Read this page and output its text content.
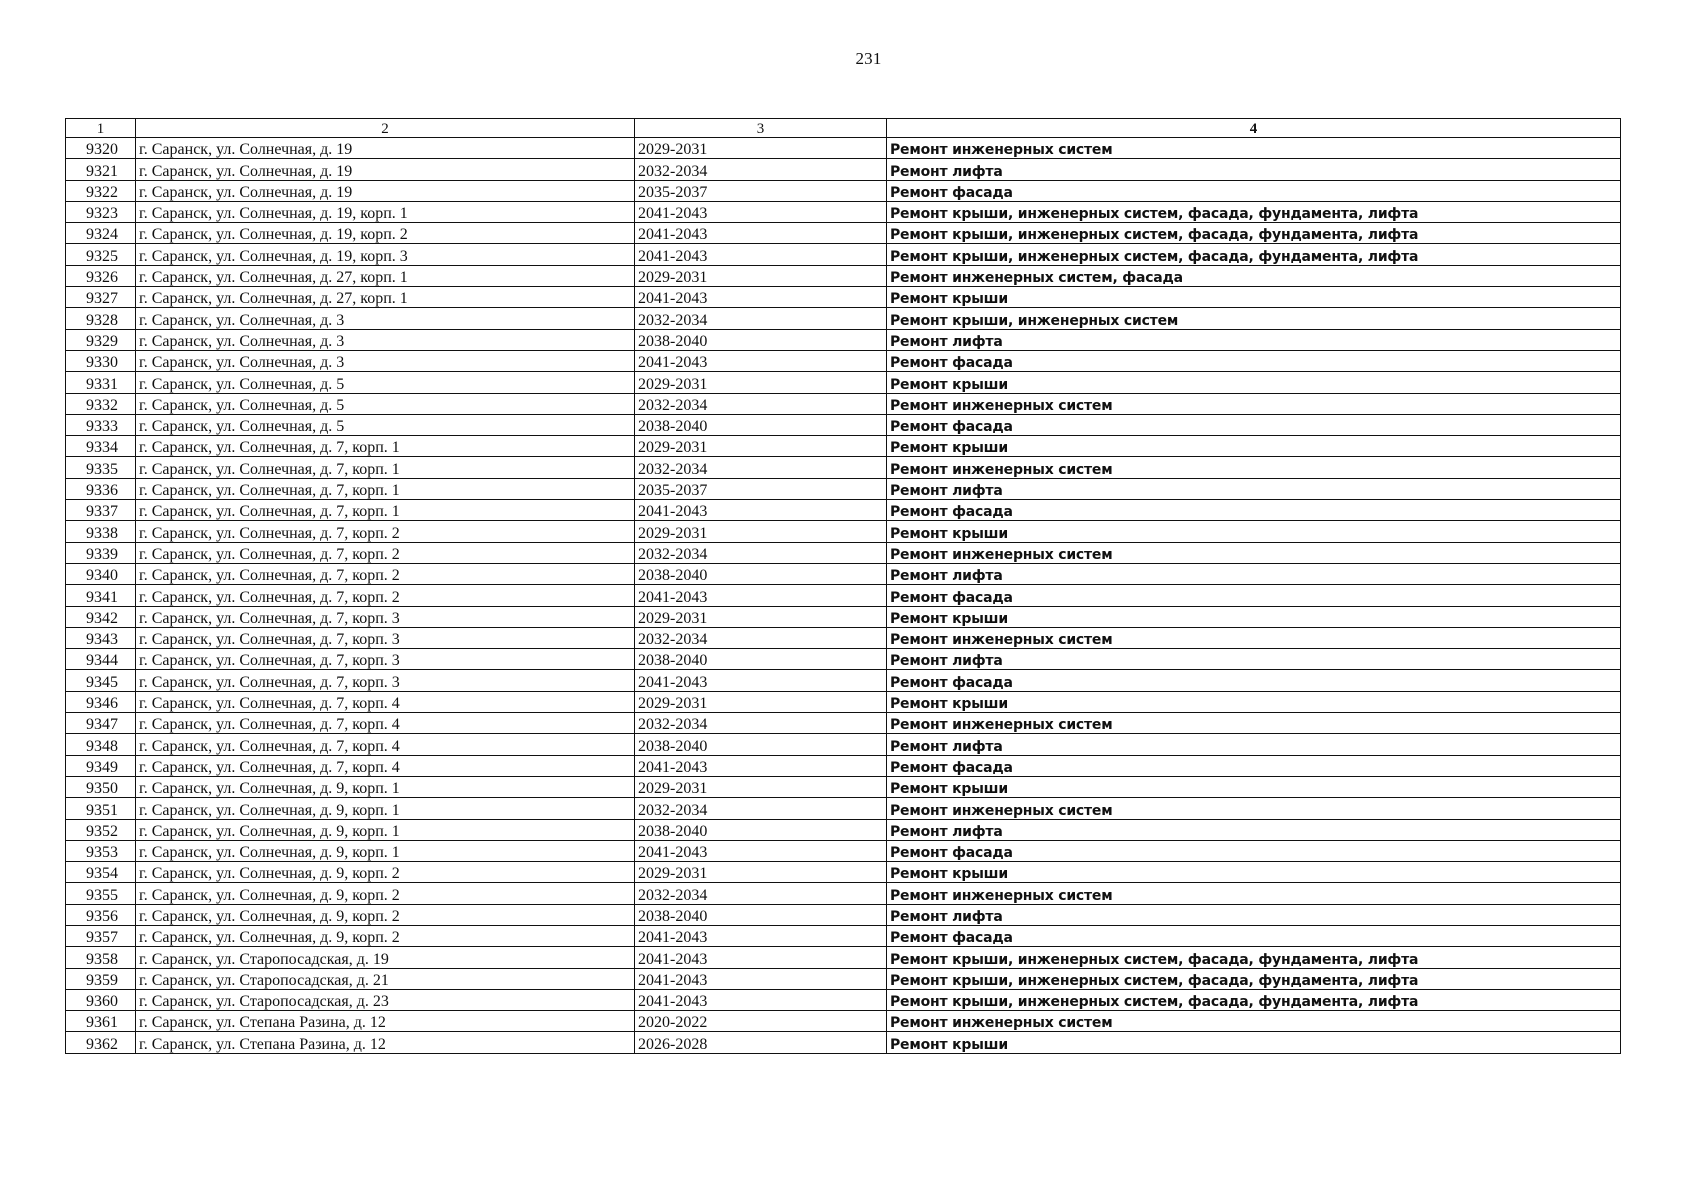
231
1	2	3	4
9320	г. Саранск, ул. Солнечная, д. 19	2029-2031	Ремонт инженерных систем
9321	г. Саранск, ул. Солнечная, д. 19	2032-2034	Ремонт лифта
9322	г. Саранск, ул. Солнечная, д. 19	2035-2037	Ремонт фасада
9323	г. Саранск, ул. Солнечная, д. 19, корп. 1	2041-2043	Ремонт крыши, инженерных систем, фасада, фундамента, лифта
9324	г. Саранск, ул. Солнечная, д. 19, корп. 2	2041-2043	Ремонт крыши, инженерных систем, фасада, фундамента, лифта
9325	г. Саранск, ул. Солнечная, д. 19, корп. 3	2041-2043	Ремонт крыши, инженерных систем, фасада, фундамента, лифта
9326	г. Саранск, ул. Солнечная, д. 27, корп. 1	2029-2031	Ремонт инженерных систем, фасада
9327	г. Саранск, ул. Солнечная, д. 27, корп. 1	2041-2043	Ремонт крыши
9328	г. Саранск, ул. Солнечная, д. 3	2032-2034	Ремонт крыши, инженерных систем
9329	г. Саранск, ул. Солнечная, д. 3	2038-2040	Ремонт лифта
9330	г. Саранск, ул. Солнечная, д. 3	2041-2043	Ремонт фасада
9331	г. Саранск, ул. Солнечная, д. 5	2029-2031	Ремонт крыши
9332	г. Саранск, ул. Солнечная, д. 5	2032-2034	Ремонт инженерных систем
9333	г. Саранск, ул. Солнечная, д. 5	2038-2040	Ремонт фасада
9334	г. Саранск, ул. Солнечная, д. 7, корп. 1	2029-2031	Ремонт крыши
9335	г. Саранск, ул. Солнечная, д. 7, корп. 1	2032-2034	Ремонт инженерных систем
9336	г. Саранск, ул. Солнечная, д. 7, корп. 1	2035-2037	Ремонт лифта
9337	г. Саранск, ул. Солнечная, д. 7, корп. 1	2041-2043	Ремонт фасада
9338	г. Саранск, ул. Солнечная, д. 7, корп. 2	2029-2031	Ремонт крыши
9339	г. Саранск, ул. Солнечная, д. 7, корп. 2	2032-2034	Ремонт инженерных систем
9340	г. Саранск, ул. Солнечная, д. 7, корп. 2	2038-2040	Ремонт лифта
9341	г. Саранск, ул. Солнечная, д. 7, корп. 2	2041-2043	Ремонт фасада
9342	г. Саранск, ул. Солнечная, д. 7, корп. 3	2029-2031	Ремонт крыши
9343	г. Саранск, ул. Солнечная, д. 7, корп. 3	2032-2034	Ремонт инженерных систем
9344	г. Саранск, ул. Солнечная, д. 7, корп. 3	2038-2040	Ремонт лифта
9345	г. Саранск, ул. Солнечная, д. 7, корп. 3	2041-2043	Ремонт фасада
9346	г. Саранск, ул. Солнечная, д. 7, корп. 4	2029-2031	Ремонт крыши
9347	г. Саранск, ул. Солнечная, д. 7, корп. 4	2032-2034	Ремонт инженерных систем
9348	г. Саранск, ул. Солнечная, д. 7, корп. 4	2038-2040	Ремонт лифта
9349	г. Саранск, ул. Солнечная, д. 7, корп. 4	2041-2043	Ремонт фасада
9350	г. Саранск, ул. Солнечная, д. 9, корп. 1	2029-2031	Ремонт крыши
9351	г. Саранск, ул. Солнечная, д. 9, корп. 1	2032-2034	Ремонт инженерных систем
9352	г. Саранск, ул. Солнечная, д. 9, корп. 1	2038-2040	Ремонт лифта
9353	г. Саранск, ул. Солнечная, д. 9, корп. 1	2041-2043	Ремонт фасада
9354	г. Саранск, ул. Солнечная, д. 9, корп. 2	2029-2031	Ремонт крыши
9355	г. Саранск, ул. Солнечная, д. 9, корп. 2	2032-2034	Ремонт инженерных систем
9356	г. Саранск, ул. Солнечная, д. 9, корп. 2	2038-2040	Ремонт лифта
9357	г. Саранск, ул. Солнечная, д. 9, корп. 2	2041-2043	Ремонт фасада
9358	г. Саранск, ул. Старопосадская, д. 19	2041-2043	Ремонт крыши, инженерных систем, фасада, фундамента, лифта
9359	г. Саранск, ул. Старопосадская, д. 21	2041-2043	Ремонт крыши, инженерных систем, фасада, фундамента, лифта
9360	г. Саранск, ул. Старопосадская, д. 23	2041-2043	Ремонт крыши, инженерных систем, фасада, фундамента, лифта
9361	г. Саранск, ул. Степана Разина, д. 12	2020-2022	Ремонт инженерных систем
9362	г. Саранск, ул. Степана Разина, д. 12	2026-2028	Ремонт крыши
